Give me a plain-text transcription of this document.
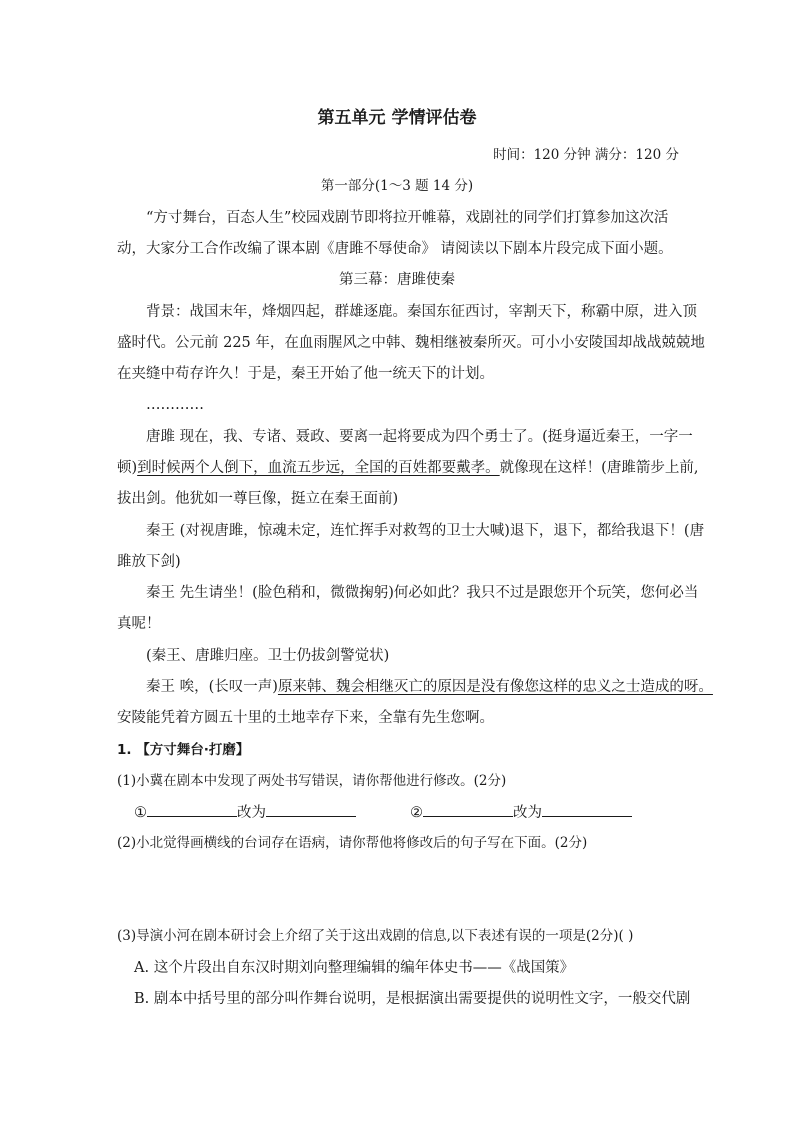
第五单元 学情评估卷
时间：120 分钟 满分：120 分
第一部分(1～3 题 14 分)
“方寸舞台，百态人生”校园戏剧节即将拉开帷幕，戏剧社的同学们打算参加这次活
动，大家分工合作改编了课本剧《唐雎不辱使命》 请阅读以下剧本片段完成下面小题。
第三幕：唐雎使秦
背景：战国末年，烽烟四起，群雄逐鹿。秦国东征西讨，宰割天下，称霸中原，进入顶
盛时代。公元前 225 年，在血雨腥风之中韩、魏相继被秦所灭。可小小安陵国却战战兢兢地
在夹缝中苟存许久！于是，秦王开始了他一统天下的计划。
…………
唐雎 现在，我、专诸、聂政、要离一起将要成为四个勇士了。(挺身逼近秦王，一字一
顿)到时候两个人倒下，血流五步远，全国的百姓都要戴孝。就像现在这样！(唐雎箭步上前,
拔出剑。他犹如一尊巨像，挺立在秦王面前)
秦王 (对视唐雎，惊魂未定，连忙挥手对救驾的卫士大喊)退下，退下，都给我退下！(唐
雎放下剑)
秦王 先生请坐！(脸色稍和，微微掬躬)何必如此？我只不过是跟您开个玩笑，您何必当
真呢！
(秦王、唐雎归座。卫士仍拔剑警觉状)
秦王 唉，(长叹一声)原来韩、魏会相继灭亡的原因是没有像您这样的忠义之士造成的呀。
安陵能凭着方圆五十里的土地幸存下来，全靠有先生您啊。
1. 【方寸舞台·打磨】
(1)小冀在剧本中发现了两处书写错误，请你帮他进行修改。(2分)
①	改为	②	改为
(2)小北觉得画横线的台词存在语病，请你帮他将修改后的句子写在下面。(2分)
(3)导演小河在剧本研讨会上介绍了关于这出戏剧的信息,以下表述有误的一项是(2分)( )
A. 这个片段出自东汉时期刘向整理编辑的编年体史书——《战国策》
B. 剧本中括号里的部分叫作舞台说明，是根据演出需要提供的说明性文字，一般交代剧
